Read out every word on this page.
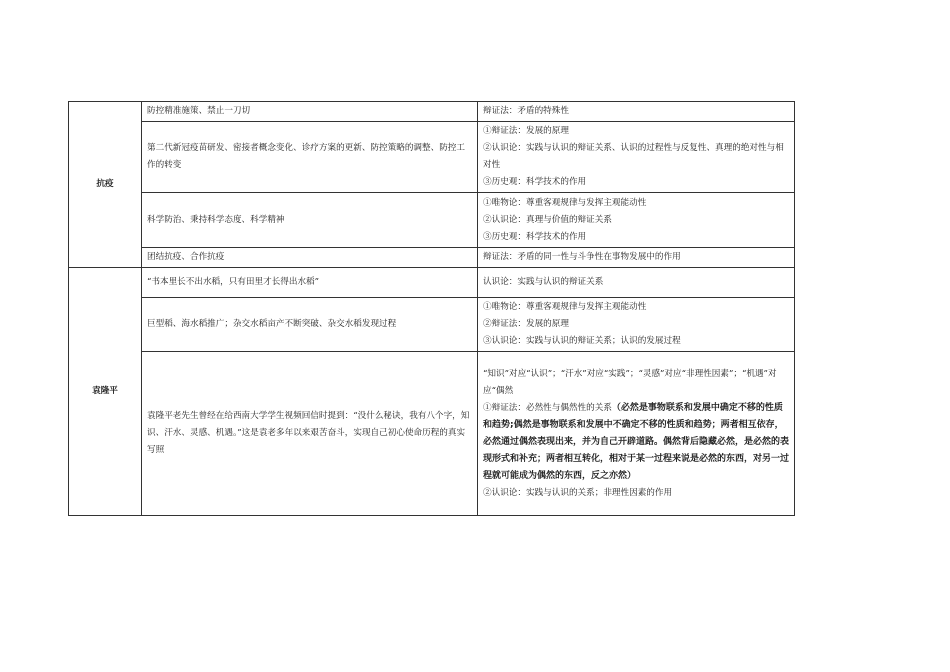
抗疫	防控精准施策、禁止一刀切	辩证法：矛盾的特殊性

	第二代新冠疫苗研发、密接者概念变化、诊疗方案的更新、防控策略的调整、防控工作的转变	①辩证法：发展的原理
②认识论：实践与认识的辩证关系、认识的过程性与反复性、真理的绝对性与相对性
③历史观：科学技术的作用

	科学防治、秉持科学态度、科学精神	①唯物论：尊重客观规律与发挥主观能动性
②认识论：真理与价值的辩证关系
③历史观：科学技术的作用

	团结抗疫、合作抗疫	辩证法：矛盾的同一性与斗争性在事物发展中的作用

袁隆平	“书本里长不出水稻，只有田里才长得出水稻”	认识论：实践与认识的辩证关系

	巨型稻、海水稻推广；杂交水稻亩产不断突破、杂交水稻发现过程	①唯物论：尊重客观规律与发挥主观能动性
②辩证法：发展的原理
③认识论：实践与认识的辩证关系；认识的发展过程

	袁隆平老先生曾经在给西南大学学生视频回信时提到：“没什么秘诀，我有八个字，知识、汗水、灵感、机遇。”这是袁老多年以来艰苦奋斗，实现自己初心使命历程的真实写照	“知识”对应“认识”；“汗水”对应“实践”；“灵感”对应“非理性因素”；“机遇”对应“偶然
①辩证法：必然性与偶然性的关系（必然是事物联系和发展中确定不移的性质和趋势;偶然是事物联系和发展中不确定不移的性质和趋势；两者相互依存，必然通过偶然表现出来，并为自己开辟道路。偶然背后隐藏必然，是必然的表现形式和补充；两者相互转化，相对于某一过程来说是必然的东西，对另一过程就可能成为偶然的东西，反之亦然）
②认识论：实践与认识的关系；非理性因素的作用
